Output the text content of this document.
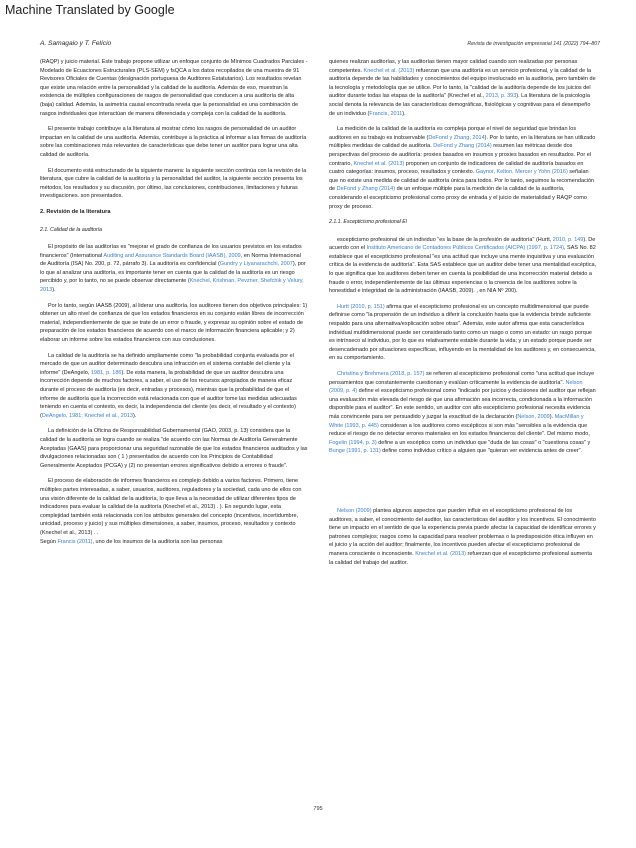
Machine Translated by Google
A. Samagaio y T. Felício	Revista de investigación empresarial 141 (2022) 794–807

(RAQP) y juicio material. Este trabajo propone utilizar un enfoque conjunto de Mínimos Cuadrados Parciales - Modelado de Ecuaciones Estructurales (PLS-SEM) y fsQCA a los datos recopilados de una muestra de 91 Revisores Oficiales de Cuentas (designación portuguesa de Auditores Estatutarios). Los resultados revelan que existe una relación entre la personalidad y la calidad de la auditoría. Además de eso, muestran la existencia de múltiples configuraciones de rasgos de personalidad que conducen a una auditoría de alta (baja) calidad. Además, la asimetría causal encontrada revela que la personalidad es una combinación de rasgos individuales que interactúan de manera diferenciada y compleja con la calidad de la auditoría.

El presente trabajo contribuye a la literatura al mostrar cómo los rasgos de personalidad de un auditor impactan en la calidad de una auditoría. Además, contribuye a la práctica al informar a las firmas de auditoría sobre las combinaciones más relevantes de características que debe tener un auditor para lograr una alta calidad de auditoría.

El documento está estructurado de la siguiente manera: la siguiente sección continúa con la revisión de la literatura, que cubre la calidad de la auditoría y la personalidad del auditor, la siguiente sección presenta los métodos, los resultados y su discusión, por último, las conclusiones, contribuciones, limitaciones y futuras investigaciones. son presentados.

2. Revisión de la literatura
2.1. Calidad de la auditoría

El propósito de las auditorías es "mejorar el grado de confianza de los usuarios previstos en los estados financieros" (International Auditing and Assurance Standards Board (IAASB), 2009, en Norma Internacional de Auditoría (ISA) No. 200, p. 72, párrafo 3). La auditoría es confidencial (Gundry y Liyanarachchi, 2007), por lo que al analizar una auditoría, es importante tener en cuenta que la calidad de la auditoría es un riesgo percibido y, por lo tanto, no se puede observar directamente (Knechel, Krishnan, Pevzner, Shefchik y Velury, 2013).

Por lo tanto, según IAASB (2009), al liderar una auditoría, los auditores tienen dos objetivos principales: 1) obtener un alto nivel de confianza de que los estados financieros en su conjunto están libres de incorrección material, independientemente de que se trate de un error o fraude, y expresar su opinión sobre el estado de preparación de los estados financieros de acuerdo con el marco de información financiera aplicable; y 2) elaborar un informe sobre los estados financieros con sus conclusiones.

La calidad de la auditoría se ha definido ampliamente como "la probabilidad conjunta evaluada por el mercado de que un auditor determinado descubra una infracción en el sistema contable del cliente y la informe" (DeAngelo, 1981, p. 186). De esta manera, la probabilidad de que un auditor descubra una incorrección depende de muchos factores, a saber, el uso de los recursos apropiados de manera eficaz durante el proceso de auditoría (es decir, entradas y procesos), mientras que la probabilidad de que el informe de auditoría que la incorrección está relacionada con que el auditor tome las medidas adecuadas teniendo en cuenta el contexto, es decir, la independencia del cliente (es decir, el resultado y el contexto) (DeAngelo, 1981; Knechel et al., 2013).

La definición de la Oficina de Responsabilidad Gubernamental (GAO, 2003, p. 13) considera que la calidad de la auditoría se logra cuando se realiza "de acuerdo con las Normas de Auditoría Generalmente Aceptadas (GAAS) para proporcionar una seguridad razonable de que los estados financieros auditados y las divulgaciones relacionadas son ( 1 ) presentados de acuerdo con los Principios de Contabilidad Generalmente Aceptados (PCGA) y (2) no presentan errores significativos debido a errores o fraude".

El proceso de elaboración de informes financieros es complejo debido a varios factores. Primero, tiene múltiples partes interesadas, a saber, usuarios, auditores, reguladores y la sociedad, cada uno de ellos con una visión diferente de la calidad de la auditoría, lo que lleva a la necesidad de utilizar diferentes tipos de indicadores para evaluar la calidad de la auditoría (Knechel et al., 2013) . ). En segundo lugar, esta complejidad también está relacionada con los atributos generales del concepto (incentivos, incertidumbre, unicidad, proceso y juicio) y sus múltiples dimensiones, a saber, insumos, proceso, resultados y contexto (Knechel et al., 2013) . .
Según Francis (2011), uno de los insumos de la auditoría son las personas

quienes realizan auditorías, y las auditorías tienen mayor calidad cuando son realizadas por personas competentes. Knechel et al. (2013) refuerzan que una auditoría es un servicio profesional, y la calidad de la auditoría depende de las habilidades y conocimientos del equipo involucrado en la auditoría, pero también de la tecnología y metodología que se utilice. Por lo tanto, la "calidad de la auditoría depende de los juicios del auditor durante todas las etapas de la auditoría" (Knechel et al., 2013, p. 393). La literatura de la psicología social denota la relevancia de las características demográficas, fisiológicas y cognitivas para el desempeño de un individuo (Francis, 2011).

La medición de la calidad de la auditoría es compleja porque el nivel de seguridad que brindan los auditores en su trabajo es inobservable (DeFond y Zhang, 2014). Por lo tanto, en la literatura se han utilizado múltiples medidas de calidad de auditoría. DeFond y Zhang (2014) resumen las métricas desde dos perspectivas del proceso de auditoría: proxies basados en insumos y proxies basados en resultados. Por el contrario, Knechel et al. (2013) proponen un conjunto de indicadores de calidad de auditoría basados en cuatro categorías: insumos, proceso, resultados y contexto. Gaynor, Kelton, Mercer y Yohn (2016) señalan que no existe una medida de calidad de auditoría única para todos. Por lo tanto, seguimos la recomendación de DeFond y Zhang (2014) de un enfoque múltiple para la medición de la calidad de la auditoría, considerando el escepticismo profesional como proxy de entrada y el juicio de materialidad y RAQP como proxy de proceso.

2.1.1. Escepticismo profesional El

escepticismo profesional de un individuo "es la base de la profesión de auditoría" (Hurtt, 2010, p. 149). De acuerdo con el Instituto Americano de Contadores Públicos Certificados (AICPA) (1997, p. 1724), SAS No. 82 establece que el escepticismo profesional "es una actitud que incluye una mente inquisitiva y una evaluación crítica de la evidencia de auditoría". Esta SAS establece que un auditor debe tener una mentalidad escéptica, lo que significa que los auditores deben tener en cuenta la posibilidad de una incorrección material debido a fraude o error, independientemente de las últimas experiencias o la creencia de los auditores sobre la honestidad e integridad de la administración (IAASB, 2009). , en NIA Nº 200).

Hurtt (2010, p. 151) afirma que el escepticismo profesional es un concepto multidimensional que puede definirse como "la propensión de un individuo a diferir la conclusión hasta que la evidencia brinde suficiente respaldo para una alternativa/explicación sobre otras". Además, este autor afirma que esta característica individual multidimensional puede ser considerado tanto como un rasgo o como un estado: un rasgo porque es intrínseco al individuo, por lo que es relativamente estable durante la vida; y un estado porque puede ser desencadenado por situaciones específicas, influyendo en la mentalidad de los auditores y, en consecuencia, en su comportamiento.

Christina y Brehmera (2018, p. 157) se refieren al escepticismo profesional como "una actitud que incluye pensamientos que constantemente cuestionan y evalúan críticamente la evidencia de auditoría". Nelson (2009, p. 4) define el escepticismo profesional como "indicado por juicios y decisiones del auditor que reflejan una evaluación más elevada del riesgo de que una afirmación sea incorrecta, condicionada a la información disponible para el auditor". En este sentido, un auditor con alto escepticismo profesional necesita evidencia más convincente para ser persuadido y juzgar la exactitud de la declaración (Nelson, 2009). MacMillan y White (1993, p. 445) consideran a los auditores como escépticos si son más "sensibles a la evidencia que reduce el riesgo de no detectar errores materiales en los estados financieros del cliente". Del mismo modo, Fogelin (1994, p. 3) define a un escéptico como un individuo que "duda de las cosas" o "cuestiona cosas" y Bunge (1991, p. 131) define como individuo crítico a alguien que "quieran ver evidencia antes de creer".

Nelson (2009) plantea algunos aspectos que pueden influir en el escepticismo profesional de los auditores, a saber, el conocimiento del auditor, las características del auditor y los incentivos. El conocimiento tiene un impacto en el sentido de que la experiencia previa puede afectar la capacidad de identificar errores y patrones complejos; rasgos como la capacidad para resolver problemas o la predisposición ética influyen en el juicio y la acción del auditor; finalmente, los incentivos pueden afectar el escepticismo profesional de manera consciente o inconsciente. Knechel et al. (2013) refuerzan que el escepticismo profesional aumenta la calidad del trabajo del auditor.

795
